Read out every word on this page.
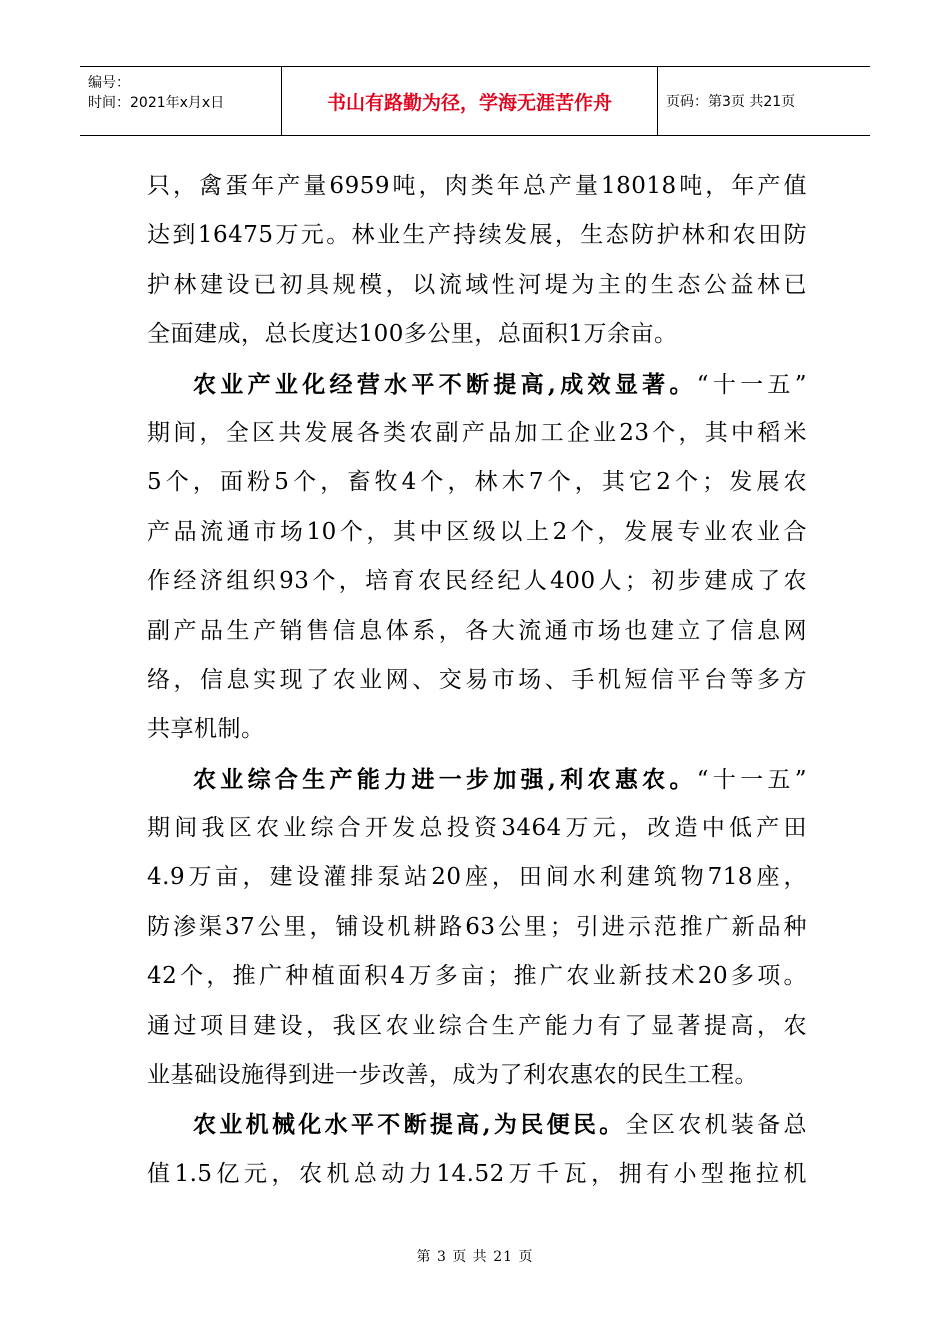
编号：
时间：2021年x月x日	书山有路勤为径，学海无涯苦作舟	页码：第3页 共21页
只，禽蛋年产量6959吨，肉类年总产量18018吨，年产值
达到16475万元。林业生产持续发展，生态防护林和农田防
护林建设已初具规模，以流域性河堤为主的生态公益林已
全面建成，总长度达100多公里，总面积1万余亩。
农业产业化经营水平不断提高,成效显著。“十一五”
期间，全区共发展各类农副产品加工企业23个，其中稻米
5个，面粉5个，畜牧4个，林木7个，其它2个；发展农
产品流通市场10个，其中区级以上2个，发展专业农业合
作经济组织93个，培育农民经纪人400人；初步建成了农
副产品生产销售信息体系，各大流通市场也建立了信息网
络，信息实现了农业网、交易市场、手机短信平台等多方
共享机制。
农业综合生产能力进一步加强,利农惠农。“十一五”
期间我区农业综合开发总投资3464万元，改造中低产田
4.9万亩，建设灌排泵站20座，田间水利建筑物718座，
防渗渠37公里，铺设机耕路63公里；引进示范推广新品种
42个，推广种植面积4万多亩；推广农业新技术20多项。
通过项目建设，我区农业综合生产能力有了显著提高，农
业基础设施得到进一步改善，成为了利农惠农的民生工程。
农业机械化水平不断提高,为民便民。全区农机装备总
值1.5亿元，农机总动力14.52万千瓦，拥有小型拖拉机
第 3 页 共 21 页
